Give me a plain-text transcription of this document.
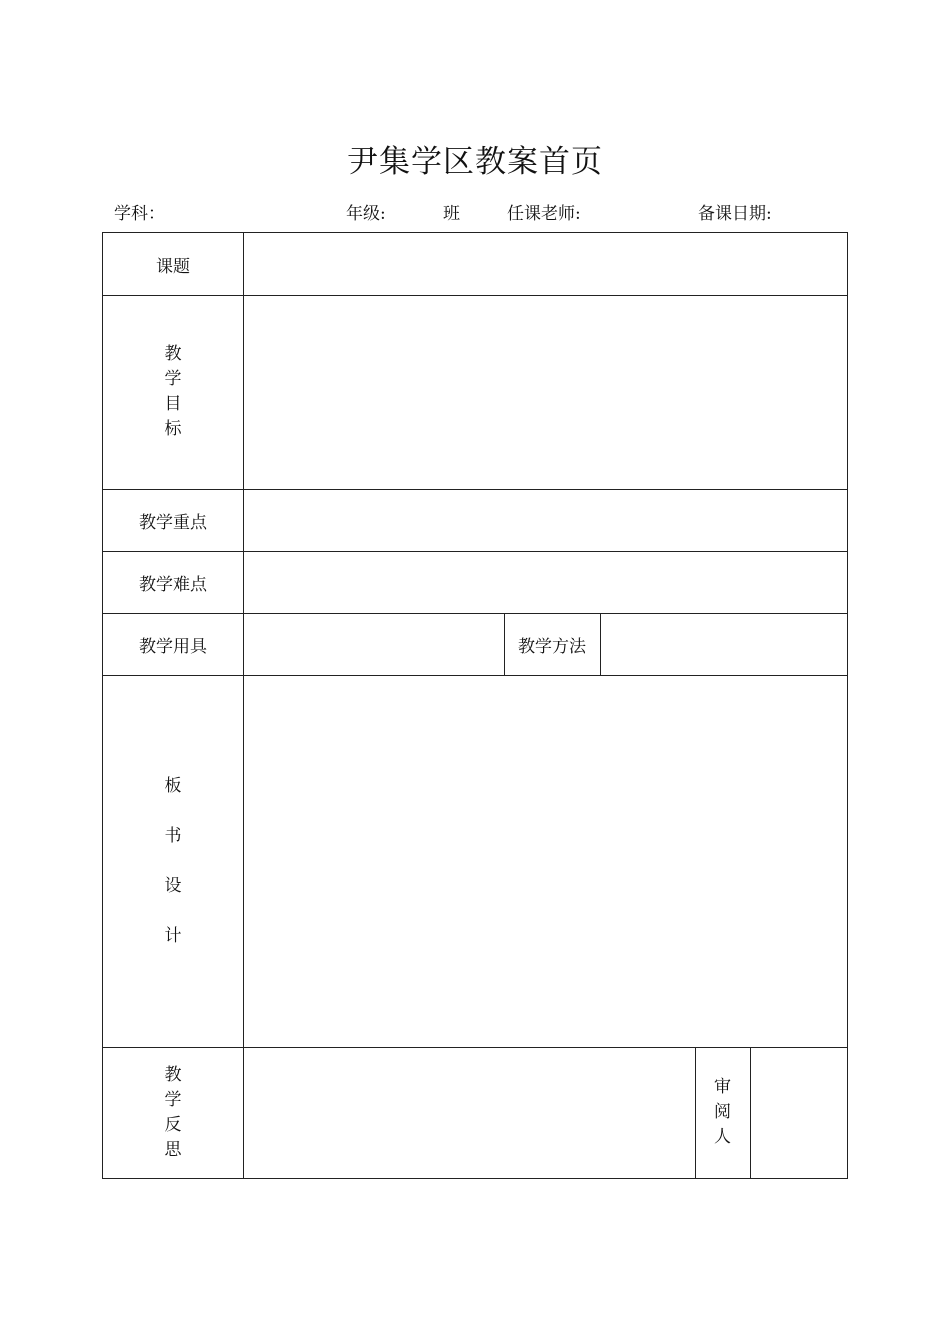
尹集学区教案首页
学科：	年级:	班	任课老师:	备课日期:
课题
教
学
目
标
教学重点
教学难点
教学用具	教学方法
板
书
设
计
教
学
反
思
审
阅
人
